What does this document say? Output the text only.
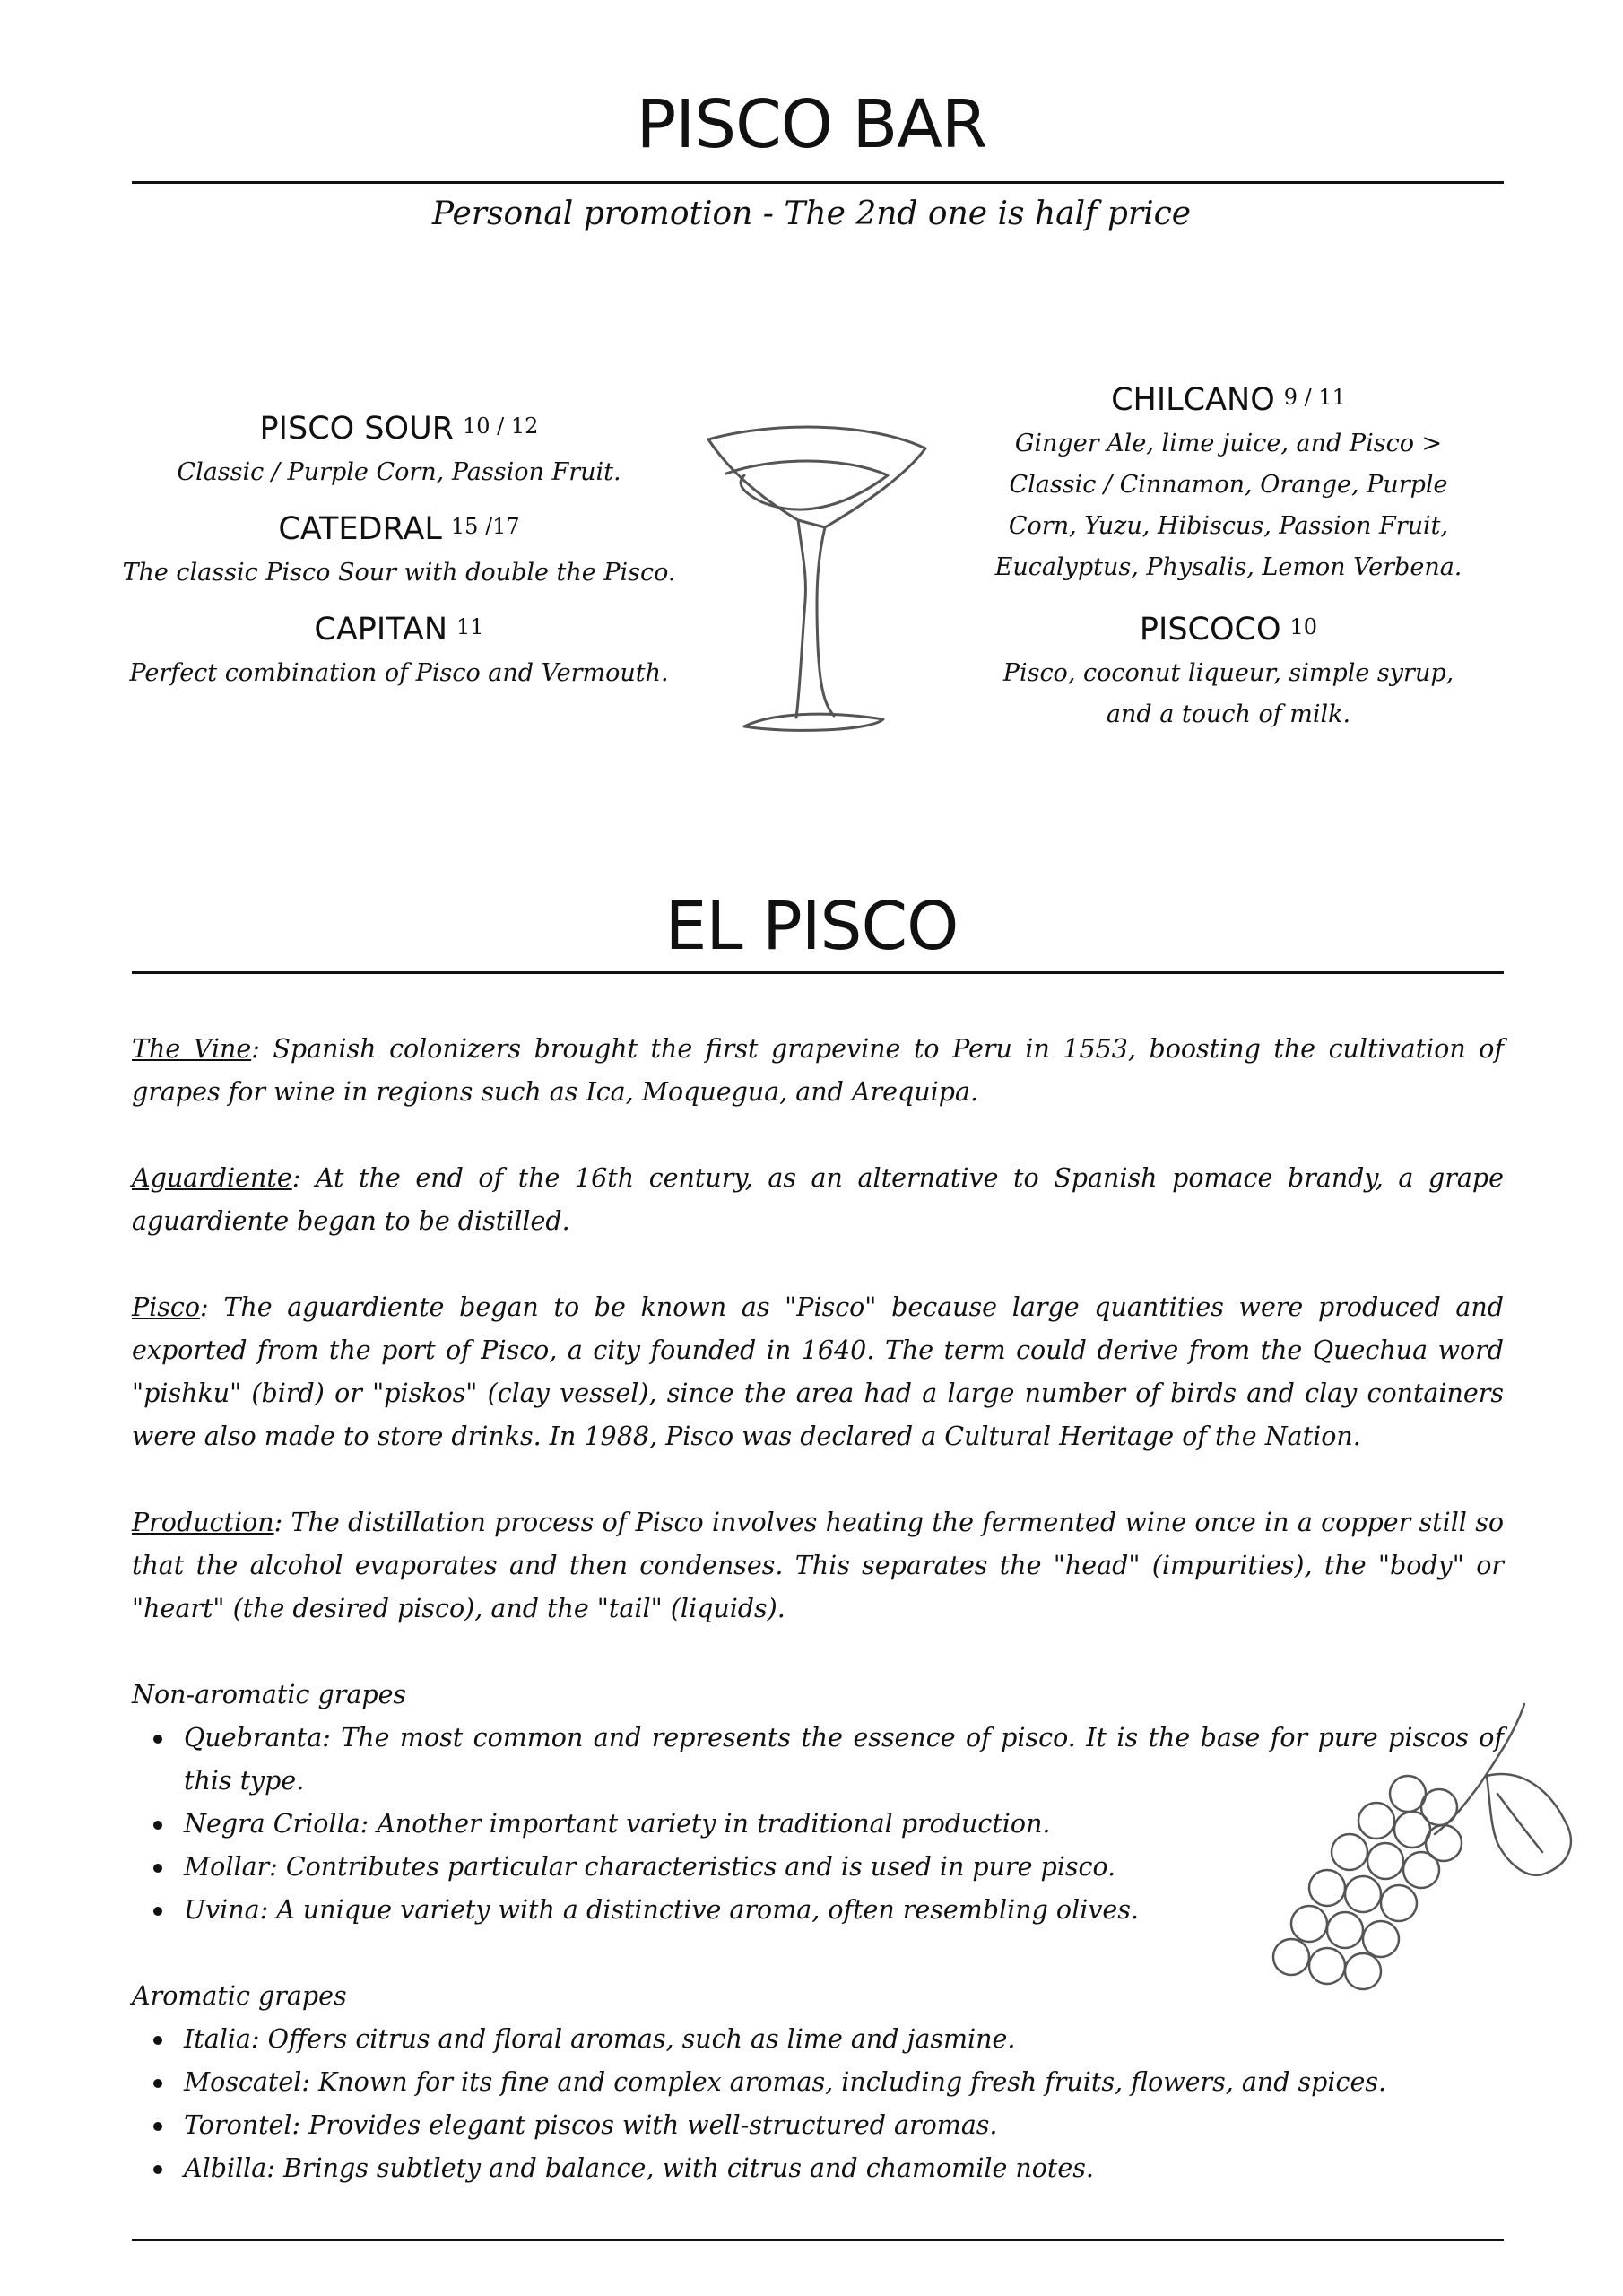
PISCO BAR
Personal promotion - The 2nd one is half price
PISCO SOUR 10 / 12
Classic / Purple Corn, Passion Fruit.
CATEDRAL 15 /17
The classic Pisco Sour with double the Pisco.
CAPITAN 11
Perfect combination of Pisco and Vermouth.
CHILCANO 9 / 11
Ginger Ale, lime juice, and Pisco > Classic / Cinnamon, Orange, Purple Corn, Yuzu, Hibiscus, Passion Fruit, Eucalyptus, Physalis, Lemon Verbena.
PISCOCO 10
Pisco, coconut liqueur, simple syrup, and a touch of milk.
EL PISCO

The Vine: Spanish colonizers brought the first grapevine to Peru in 1553, boosting the cultivation of grapes for wine in regions such as Ica, Moquegua, and Arequipa.

Aguardiente: At the end of the 16th century, as an alternative to Spanish pomace brandy, a grape aguardiente began to be distilled.

Pisco: The aguardiente began to be known as "Pisco" because large quantities were produced and exported from the port of Pisco, a city founded in 1640. The term could derive from the Quechua word "pishku" (bird) or "piskos" (clay vessel), since the area had a large number of birds and clay containers were also made to store drinks. In 1988, Pisco was declared a Cultural Heritage of the Nation.

Production: The distillation process of Pisco involves heating the fermented wine once in a copper still so that the alcohol evaporates and then condenses. This separates the "head" (impurities), the "body" or "heart" (the desired pisco), and the "tail" (liquids).

Non-aromatic grapes
Quebranta: The most common and represents the essence of pisco. It is the base for pure piscos of this type.
Negra Criolla: Another important variety in traditional production.
Mollar: Contributes particular characteristics and is used in pure pisco.
Uvina: A unique variety with a distinctive aroma, often resembling olives.
Aromatic grapes
Italia: Offers citrus and floral aromas, such as lime and jasmine.
Moscatel: Known for its fine and complex aromas, including fresh fruits, flowers, and spices.
Torontel: Provides elegant piscos with well-structured aromas.
Albilla: Brings subtlety and balance, with citrus and chamomile notes.
